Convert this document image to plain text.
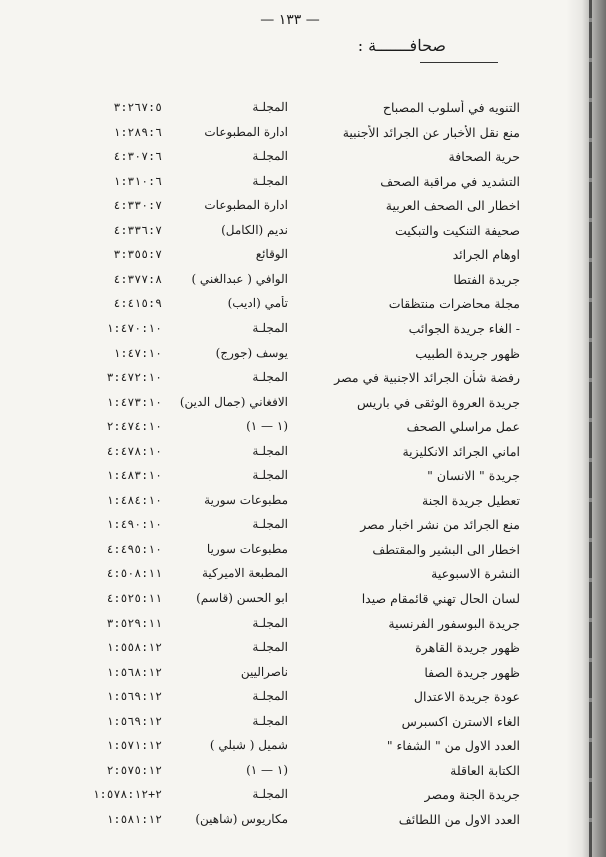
— ١٣٣ —
صحافـــــــة :
٣:٢٦٧:٥	المجلـة	التنويه في أسلوب المصباح
١:٢٨٩:٦	ادارة المطبوعات	منع نقل الأخبار عن الجرائد الأجنبية
٤:٣٠٧:٦	المجلـة	حرية الصحافة
١:٣١٠:٦	المجلـة	التشديد في مراقبة الصحف
٤:٣٣٠:٧	ادارة المطبوعات	اخطار الى الصحف العربية
٤:٣٣٦:٧	نديم (الكامل)	صحيفة التنكيت والتبكيت
٣:٣٥٥:٧	الوقائع	اوهام الجرائد
٤:٣٧٧:٨	الوافي ( عبدالغني )	جريدة الفتطا
٤:٤١٥:٩	تأمي (اديب)	مجلة محاضرات منتظقات
١:٤٧٠:١٠	المجلـة	- الغاء جريدة الجوائب
١:٤٧:١٠	يوسف (جورج)	ظهور جريدة الطبيب
٣:٤٧٢:١٠	المجلـة	رفضة شأن الجرائد الاجنبية في مصر
١:٤٧٣:١٠	الافغاني (جمال الدين)	جريدة العروة الوثقى في باريس
٢:٤٧٤:١٠	(١ — ١)	عمل مراسلي الصحف
٤:٤٧٨:١٠	المجلـة	اماني الجرائد الانكليزية
١:٤٨٣:١٠	المجلـة	جريدة " الانسان "
١:٤٨٤:١٠	مطبوعات سورية	تعطيل جريدة الجنة
١:٤٩٠:١٠	المجلـة	منع الجرائد من نشر اخبار مصر
٤:٤٩٥:١٠	مطبوعات سوريا	اخطار الى البشير والمقتطف
٤:٥٠٨:١١	المطبعة الاميركية	النشرة الاسبوعية
٤:٥٢٥:١١	ابو الحسن (قاسم)	لسان الحال تهني قائمقام صيدا
٣:٥٢٩:١١	المجلـة	جريدة البوسفور الفرنسية
١:٥٥٨:١٢	المجلـة	ظهور جريدة القاهرة
١:٥٦٨:١٢	ناصراليين	ظهور جريدة الصفا
١:٥٦٩:١٢	المجلـة	عودة جريدة الاعتدال
١:٥٦٩:١٢	المجلـة	الغاء الاسترن اكسبرس
١:٥٧١:١٢	شميل ( شبلي )	العدد الاول من " الشفاء "
٢:٥٧٥:١٢	(١ — ١)	الكتابة العاقلة
٢+١:٥٧٨:١٢	المجلـة	جريدة الجنة ومصر
١:٥٨١:١٢	مكاريوس (شاهين)	العدد الاول من اللطائف
